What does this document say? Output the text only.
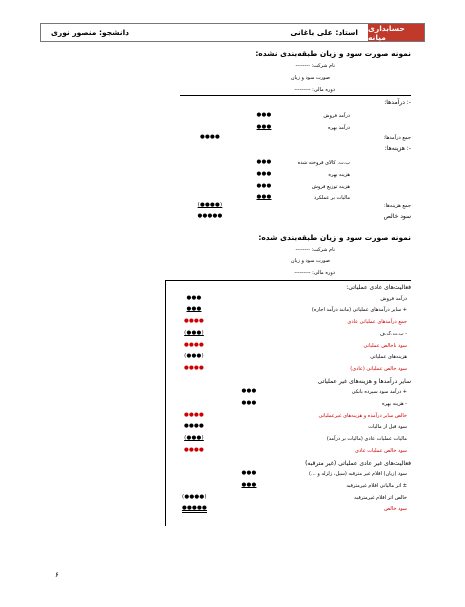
حسابداری میانه
استاد: علی باغانی
دانشجو: منصور نوری
نمونه صورت سود و زیان طبقه‌بندی نشده:
نام شرکت: --------
صورت سود و زیان
دوره مالی: ---------
-: درآمدها:
درآمد فروش
●●●
درآمد بهره
●●●
جمع درآمدها:
●●●●
-: هزینه‌ها:
ب.ت. کالای فروخته شده
●●●
هزینه بهره
●●●
هزینه توزیع فروش
●●●
مالیات بر عملکرد
●●●
جمع هزینه‌ها:
(●●●●)
سود خالص
●●●●●
نمونه صورت سود و زیان طبقه‌بندی شده:
نام شرکت: --------
صورت سود و زیان
دوره مالی: ---------
فعالیت‌های عادی عملیاتی:
درآمد فروش
●●●
+ سایر درآمدهای عملیاتی (مانند درآمد اجاره)
●●●
جمع درآمدهای عملیاتی عادی
●●●●
- ب.ت.ک.ف
(●●●)
سود ناخالص عملیاتی
●●●●
هزینه‌های عملیاتی
(●●●)
سود خالص عملیاتی (عادی)
●●●●
سایر درآمدها و هزینه‌های غیر عملیاتی
+ درآمد سود سپرده بانکی
●●●
- هزینه بهره
●●●
خالص سایر درآمده و هزینه‌های غیرعملیاتی
●●●●
سود قبل از مالیات
●●●●
مالیات عملیات عادی (مالیات بر درآمد)
(●●●)
سود خالص عملیات عادی
●●●●
فعالیت‌های غیر عادی عملیاتی (غیر مترقبه)
سود (زیان) اقلام غیر مترقبه (سیل، زلزله و ...)
●●●
± اثر مالیاتی اقلام غیرمترقبه
●●●
خالص اثر اقلام غیرمترقبه
(●●●●)
سود خالص
●●●●●
۶
